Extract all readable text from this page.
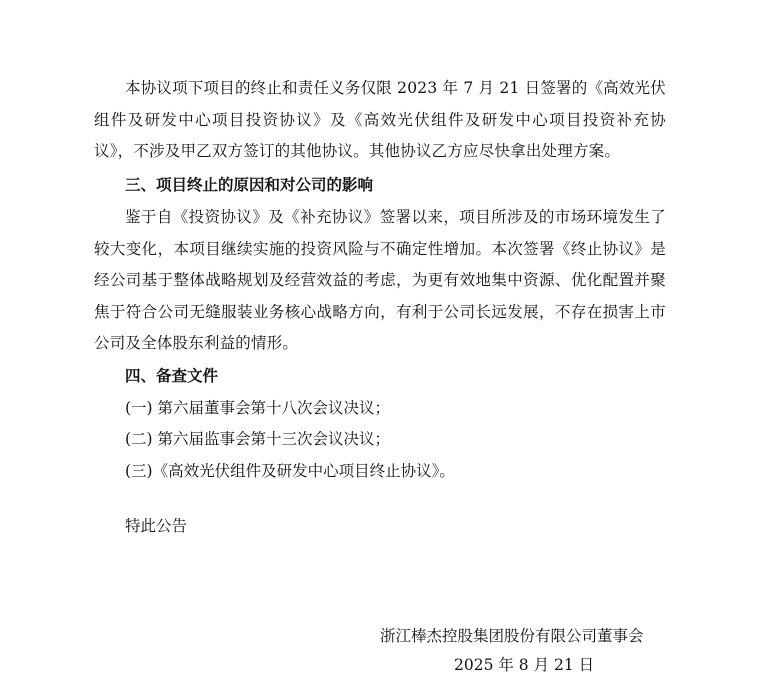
本协议项下项目的终止和责任义务仅限 2023 年 7 月 21 日签署的《高效光伏组件及研发中心项目投资协议》及《高效光伏组件及研发中心项目投资补充协议》，不涉及甲乙双方签订的其他协议。其他协议乙方应尽快拿出处理方案。

三、项目终止的原因和对公司的影响

鉴于自《投资协议》及《补充协议》签署以来，项目所涉及的市场环境发生了较大变化，本项目继续实施的投资风险与不确定性增加。本次签署《终止协议》是经公司基于整体战略规划及经营效益的考虑，为更有效地集中资源、优化配置并聚焦于符合公司无缝服装业务核心战略方向，有利于公司长远发展，不存在损害上市公司及全体股东利益的情形。

四、备查文件

(一) 第六届董事会第十八次会议决议；

(二) 第六届监事会第十三次会议决议；

(三)《高效光伏组件及研发中心项目终止协议》。

特此公告

浙江棒杰控股集团股份有限公司董事会

2025 年 8 月 21 日
